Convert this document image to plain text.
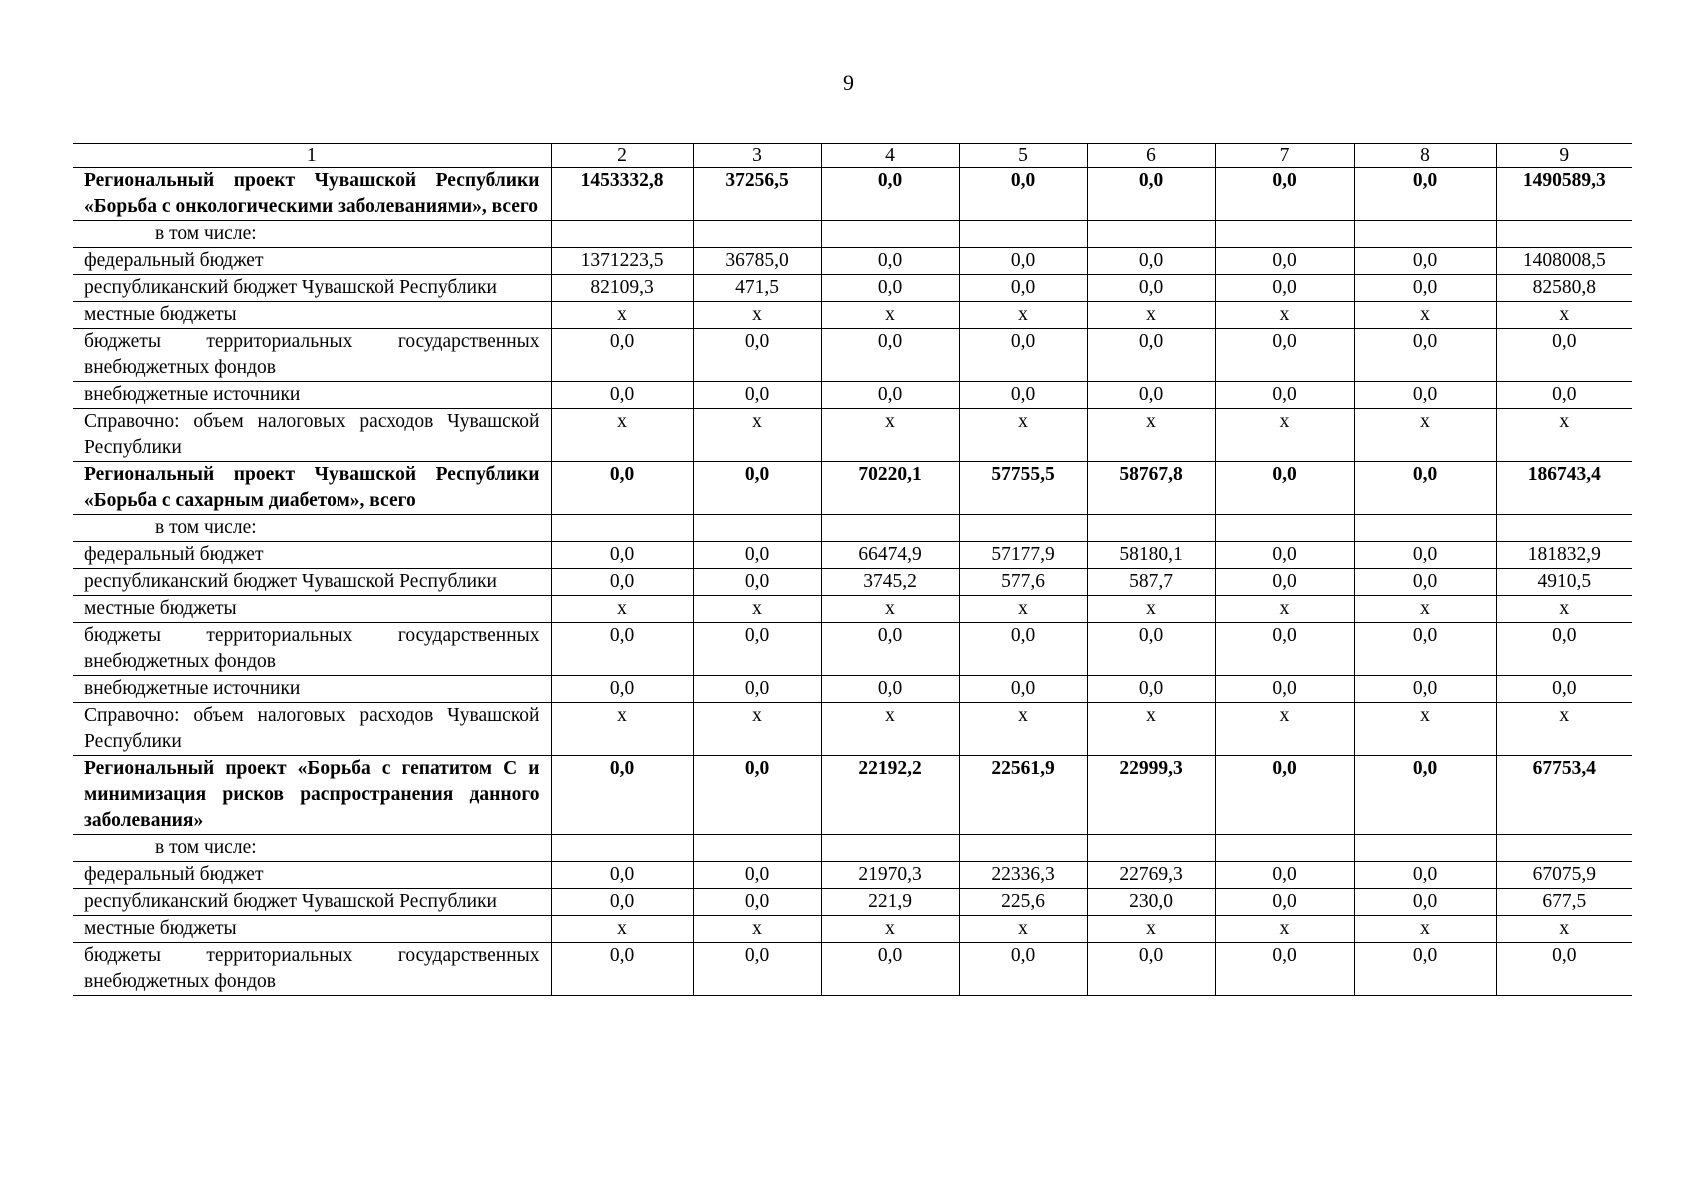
9
1	2	3	4	5	6	7	8	9
Региональный проект Чувашской Республики «Борьба с онкологическими заболеваниями», всего	1453332,8	37256,5	0,0	0,0	0,0	0,0	0,0	1490589,3
в том числе:								
федеральный бюджет	1371223,5	36785,0	0,0	0,0	0,0	0,0	0,0	1408008,5
республиканский бюджет Чувашской Республики	82109,3	471,5	0,0	0,0	0,0	0,0	0,0	82580,8
местные бюджеты	х	х	х	х	х	х	х	х
бюджеты территориальных государственных внебюджетных фондов	0,0	0,0	0,0	0,0	0,0	0,0	0,0	0,0
внебюджетные источники	0,0	0,0	0,0	0,0	0,0	0,0	0,0	0,0
Справочно: объем налоговых расходов Чувашской Республики	х	х	х	х	х	х	х	х
Региональный проект Чувашской Республики «Борьба с сахарным диабетом», всего	0,0	0,0	70220,1	57755,5	58767,8	0,0	0,0	186743,4
в том числе:								
федеральный бюджет	0,0	0,0	66474,9	57177,9	58180,1	0,0	0,0	181832,9
республиканский бюджет Чувашской Республики	0,0	0,0	3745,2	577,6	587,7	0,0	0,0	4910,5
местные бюджеты	х	х	х	х	х	х	х	х
бюджеты территориальных государственных внебюджетных фондов	0,0	0,0	0,0	0,0	0,0	0,0	0,0	0,0
внебюджетные источники	0,0	0,0	0,0	0,0	0,0	0,0	0,0	0,0
Справочно: объем налоговых расходов Чувашской Республики	х	х	х	х	х	х	х	х
Региональный проект «Борьба с гепатитом С и минимизация рисков распространения данного заболевания»	0,0	0,0	22192,2	22561,9	22999,3	0,0	0,0	67753,4
в том числе:								
федеральный бюджет	0,0	0,0	21970,3	22336,3	22769,3	0,0	0,0	67075,9
республиканский бюджет Чувашской Республики	0,0	0,0	221,9	225,6	230,0	0,0	0,0	677,5
местные бюджеты	х	х	х	х	х	х	х	х
бюджеты территориальных государственных внебюджетных фондов	0,0	0,0	0,0	0,0	0,0	0,0	0,0	0,0
